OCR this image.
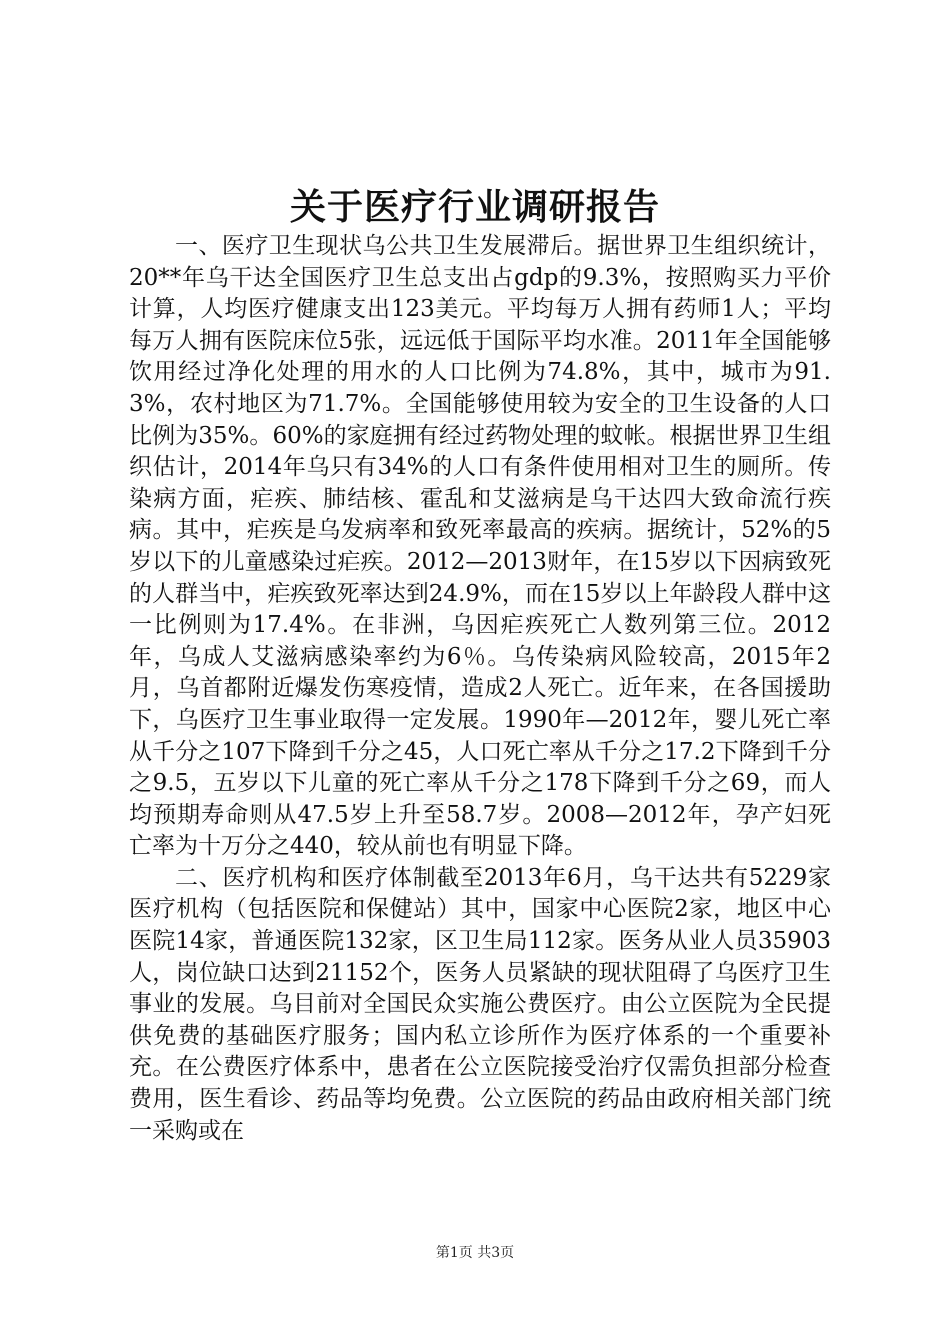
关于医疗行业调研报告

一、医疗卫生现状乌公共卫生发展滞后。据世界卫生组织统计，20**年乌干达全国医疗卫生总支出占gdp的9.3%，按照购买力平价计算，人均医疗健康支出123美元。平均每万人拥有药师1人；平均每万人拥有医院床位5张，远远低于国际平均水准。2011年全国能够饮用经过净化处理的用水的人口比例为74.8%，其中，城市为91.3%，农村地区为71.7%。全国能够使用较为安全的卫生设备的人口比例为35%。60%的家庭拥有经过药物处理的蚊帐。根据世界卫生组织估计，2014年乌只有34%的人口有条件使用相对卫生的厕所。传染病方面，疟疾、肺结核、霍乱和艾滋病是乌干达四大致命流行疾病。其中，疟疾是乌发病率和致死率最高的疾病。据统计，52%的5岁以下的儿童感染过疟疾。2012—2013财年，在15岁以下因病致死的人群当中，疟疾致死率达到24.9%，而在15岁以上年龄段人群中这一比例则为17.4%。在非洲，乌因疟疾死亡人数列第三位。2012年，乌成人艾滋病感染率约为6％。乌传染病风险较高，2015年2月，乌首都附近爆发伤寒疫情，造成2人死亡。近年来，在各国援助下，乌医疗卫生事业取得一定发展。1990年—2012年，婴儿死亡率从千分之107下降到千分之45，人口死亡率从千分之17.2下降到千分之9.5，五岁以下儿童的死亡率从千分之178下降到千分之69，而人均预期寿命则从47.5岁上升至58.7岁。2008—2012年，孕产妇死亡率为十万分之440，较从前也有明显下降。

二、医疗机构和医疗体制截至2013年6月，乌干达共有5229家医疗机构（包括医院和保健站）其中，国家中心医院2家，地区中心医院14家，普通医院132家，区卫生局112家。医务从业人员35903人，岗位缺口达到21152个，医务人员紧缺的现状阻碍了乌医疗卫生事业的发展。乌目前对全国民众实施公费医疗。由公立医院为全民提供免费的基础医疗服务；国内私立诊所作为医疗体系的一个重要补充。在公费医疗体系中，患者在公立医院接受治疗仅需负担部分检查费用，医生看诊、药品等均免费。公立医院的药品由政府相关部门统一采购或在

第1页 共3页
